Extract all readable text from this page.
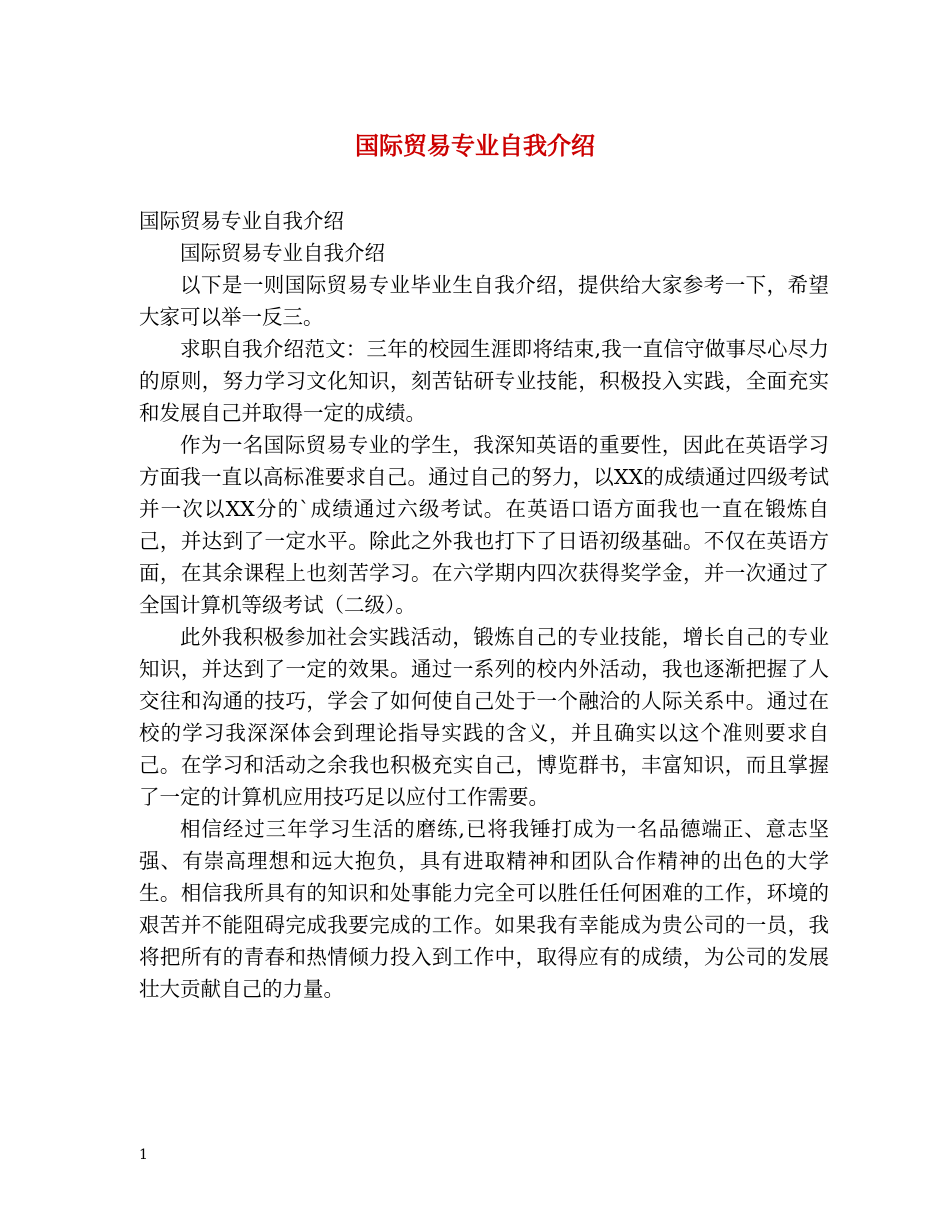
国际贸易专业自我介绍
国际贸易专业自我介绍

国际贸易专业自我介绍

以下是一则国际贸易专业毕业生自我介绍，提供给大家参考一下，希望大家可以举一反三。

求职自我介绍范文：三年的校园生涯即将结束,我一直信守做事尽心尽力的原则，努力学习文化知识，刻苦钻研专业技能，积极投入实践，全面充实和发展自己并取得一定的成绩。

作为一名国际贸易专业的学生，我深知英语的重要性，因此在英语学习方面我一直以高标准要求自己。通过自己的努力，以XX的成绩通过四级考试并一次以XX分的`成绩通过六级考试。在英语口语方面我也一直在锻炼自己，并达到了一定水平。除此之外我也打下了日语初级基础。不仅在英语方面，在其余课程上也刻苦学习。在六学期内四次获得奖学金，并一次通过了全国计算机等级考试（二级）。

此外我积极参加社会实践活动，锻炼自己的专业技能，增长自己的专业知识，并达到了一定的效果。通过一系列的校内外活动，我也逐渐把握了人交往和沟通的技巧，学会了如何使自己处于一个融洽的人际关系中。通过在校的学习我深深体会到理论指导实践的含义，并且确实以这个准则要求自己。在学习和活动之余我也积极充实自己，博览群书，丰富知识，而且掌握了一定的计算机应用技巧足以应付工作需要。

相信经过三年学习生活的磨练,已将我锤打成为一名品德端正、意志坚强、有崇高理想和远大抱负，具有进取精神和团队合作精神的出色的大学生。相信我所具有的知识和处事能力完全可以胜任任何困难的工作，环境的艰苦并不能阻碍完成我要完成的工作。如果我有幸能成为贵公司的一员，我将把所有的青春和热情倾力投入到工作中，取得应有的成绩，为公司的发展壮大贡献自己的力量。

1
